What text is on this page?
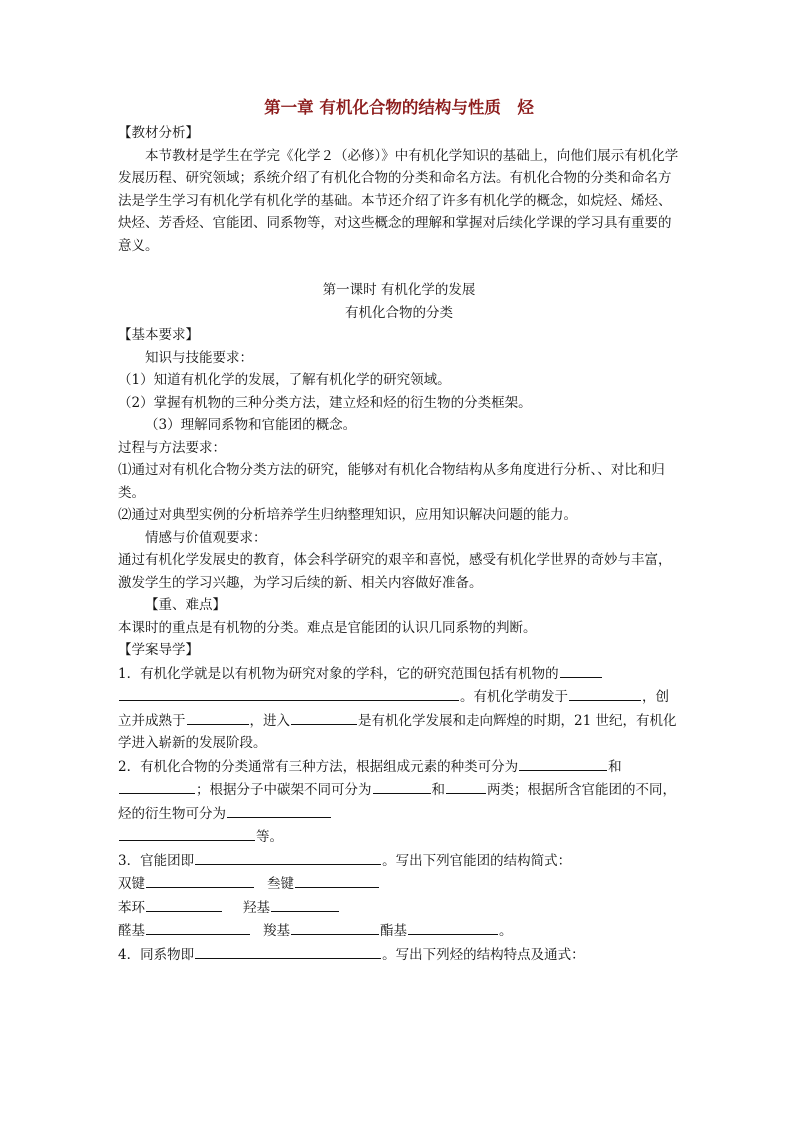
第一章 有机化合物的结构与性质　烃

【教材分析】

本节教材是学生在学完《化学２（必修）》中有机化学知识的基础上，向他们展示有机化学发展历程、研究领域；系统介绍了有机化合物的分类和命名方法。有机化合物的分类和命名方法是学生学习有机化学有机化学的基础。本节还介绍了许多有机化学的概念，如烷烃、烯烃、炔烃、芳香烃、官能团、同系物等，对这些概念的理解和掌握对后续化学课的学习具有重要的意义。

第一课时 有机化学的发展

有机化合物的分类

【基本要求】

知识与技能要求：

（1）知道有机化学的发展，了解有机化学的研究领域。

（2）掌握有机物的三种分类方法，建立烃和烃的衍生物的分类框架。

（3）理解同系物和官能团的概念。

过程与方法要求：

⑴通过对有机化合物分类方法的研究，能够对有机化合物结构从多角度进行分析、、对比和归类。

⑵通过对典型实例的分析培养学生归纳整理知识，应用知识解决问题的能力。

情感与价值观要求：

通过有机化学发展史的教育，体会科学研究的艰辛和喜悦，感受有机化学世界的奇妙与丰富，激发学生的学习兴趣，为学习后续的新、相关内容做好准备。

【重、难点】

本课时的重点是有机物的分类。难点是官能团的认识几同系物的判断。

【学案导学】

1．有机化学就是以有机物为研究对象的学科，它的研究范围包括有机物的
。有机化学萌发于	，创立并成熟于	，进入	是有机化学发展和走向辉煌的时期，21 世纪，有机化学进入崭新的发展阶段。

2．有机化合物的分类通常有三种方法，根据组成元素的种类可分为	和
；根据分子中碳架不同可分为	和	两类；根据所含官能团的不同，烃的衍生物可分为
等。

3．官能团即	。写出下列官能团的结构简式：

双键	叁键

苯环	羟基

醛基	羧基	酯基	。

4．同系物即	。写出下列烃的结构特点及通式：
